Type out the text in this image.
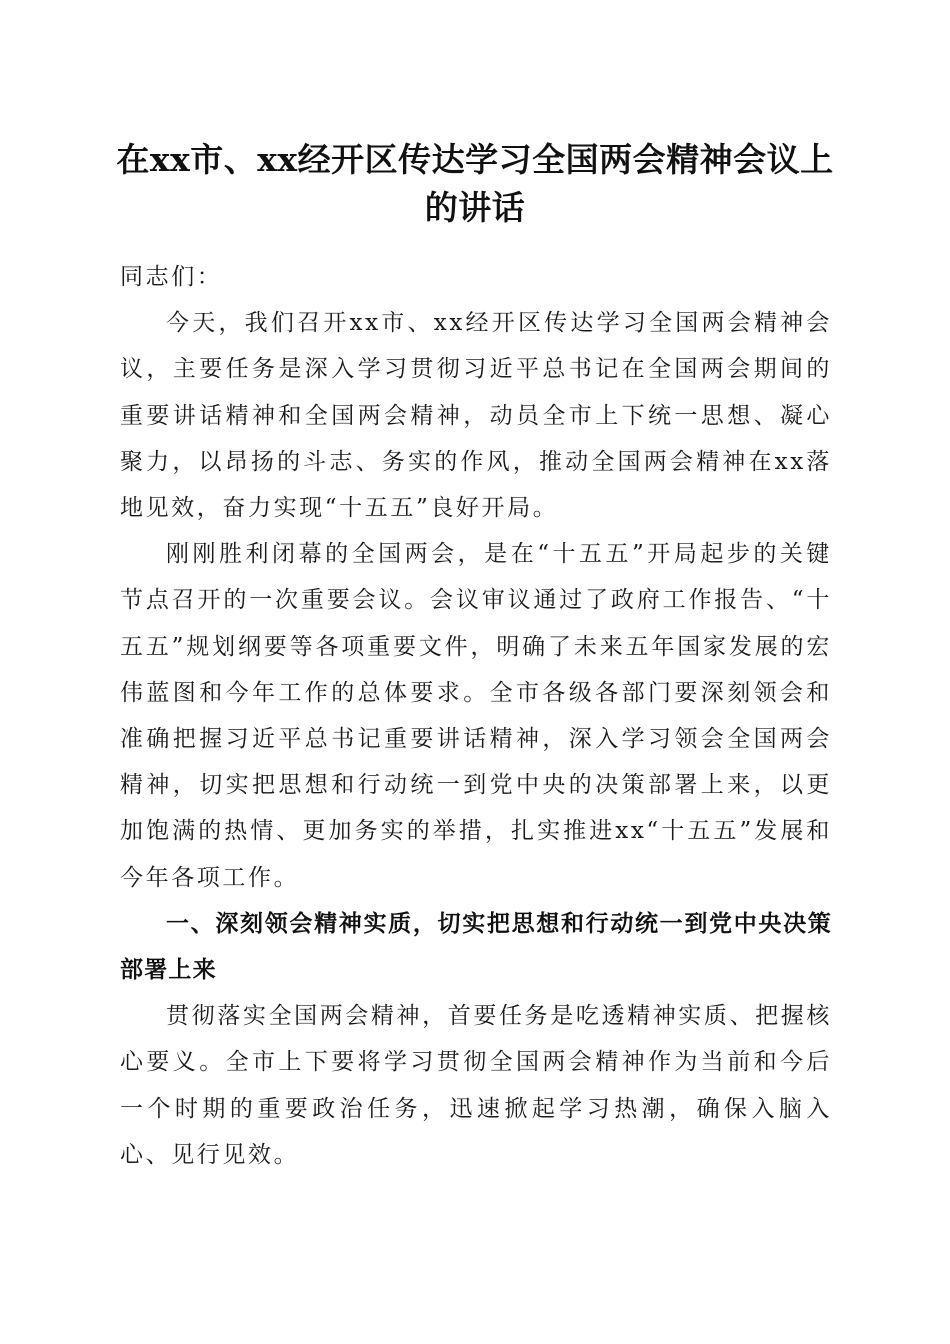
在xx市、xx经开区传达学习全国两会精神会议上的讲话

同志们：

今天，我们召开xx市、xx经开区传达学习全国两会精神会议，主要任务是深入学习贯彻习近平总书记在全国两会期间的重要讲话精神和全国两会精神，动员全市上下统一思想、凝心聚力，以昂扬的斗志、务实的作风，推动全国两会精神在xx落地见效，奋力实现“十五五”良好开局。

刚刚胜利闭幕的全国两会，是在“十五五”开局起步的关键节点召开的一次重要会议。会议审议通过了政府工作报告、“十五五”规划纲要等各项重要文件，明确了未来五年国家发展的宏伟蓝图和今年工作的总体要求。全市各级各部门要深刻领会和准确把握习近平总书记重要讲话精神，深入学习领会全国两会精神，切实把思想和行动统一到党中央的决策部署上来，以更加饱满的热情、更加务实的举措，扎实推进xx“十五五”发展和今年各项工作。

一、深刻领会精神实质，切实把思想和行动统一到党中央决策部署上来

贯彻落实全国两会精神，首要任务是吃透精神实质、把握核心要义。全市上下要将学习贯彻全国两会精神作为当前和今后一个时期的重要政治任务，迅速掀起学习热潮，确保入脑入心、见行见效。
